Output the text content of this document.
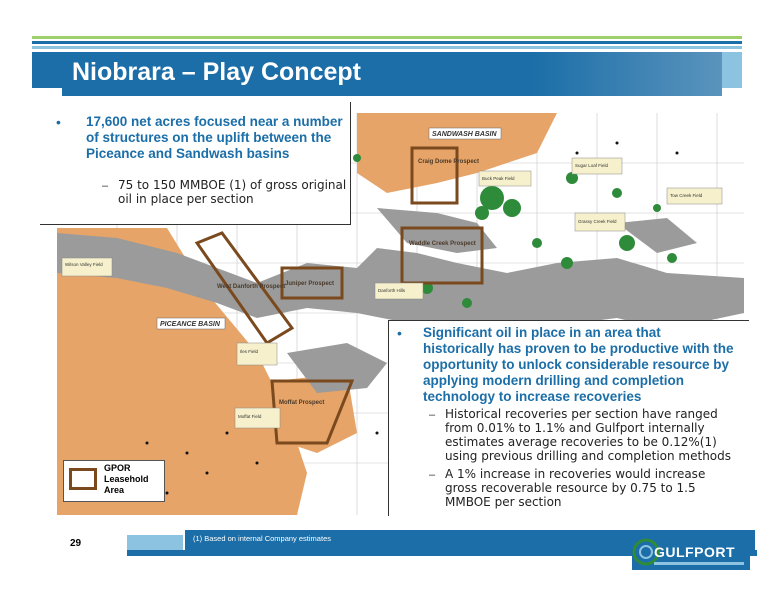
Niobrara – Play Concept
SANDWASH BASIN
PICEANCE BASIN
Craig Dome Prospect
Waddle Creek Prospect
Juniper Prospect
West Danforth Prospect
Moffat Prospect
Wilson Valley Field
Iles Field
Moffat Field
Buck Peak Field
Sugar Loaf Field
Tow Creek Field
Grassy Creek Field
Danforth Hills
• 17,600 net acres focused near a number of structures on the uplift between the Piceance and Sandwash basins
– 75 to 150 MMBOE (1) of gross original oil in place per section
• Significant oil in place in an area that historically has proven to be productive with the opportunity to unlock considerable resource by applying modern drilling and completion technology to increase recoveries
– Historical recoveries per section have ranged from 0.01% to 1.1% and Gulfport internally estimates average recoveries to be 0.12%(1) using previous drilling and completion methods
– A 1% increase in recoveries would increase gross recoverable resource by 0.75 to 1.5 MMBOE per section
GPOR Leasehold Area
29	(1) Based on internal Company estimates
GULFPORT
